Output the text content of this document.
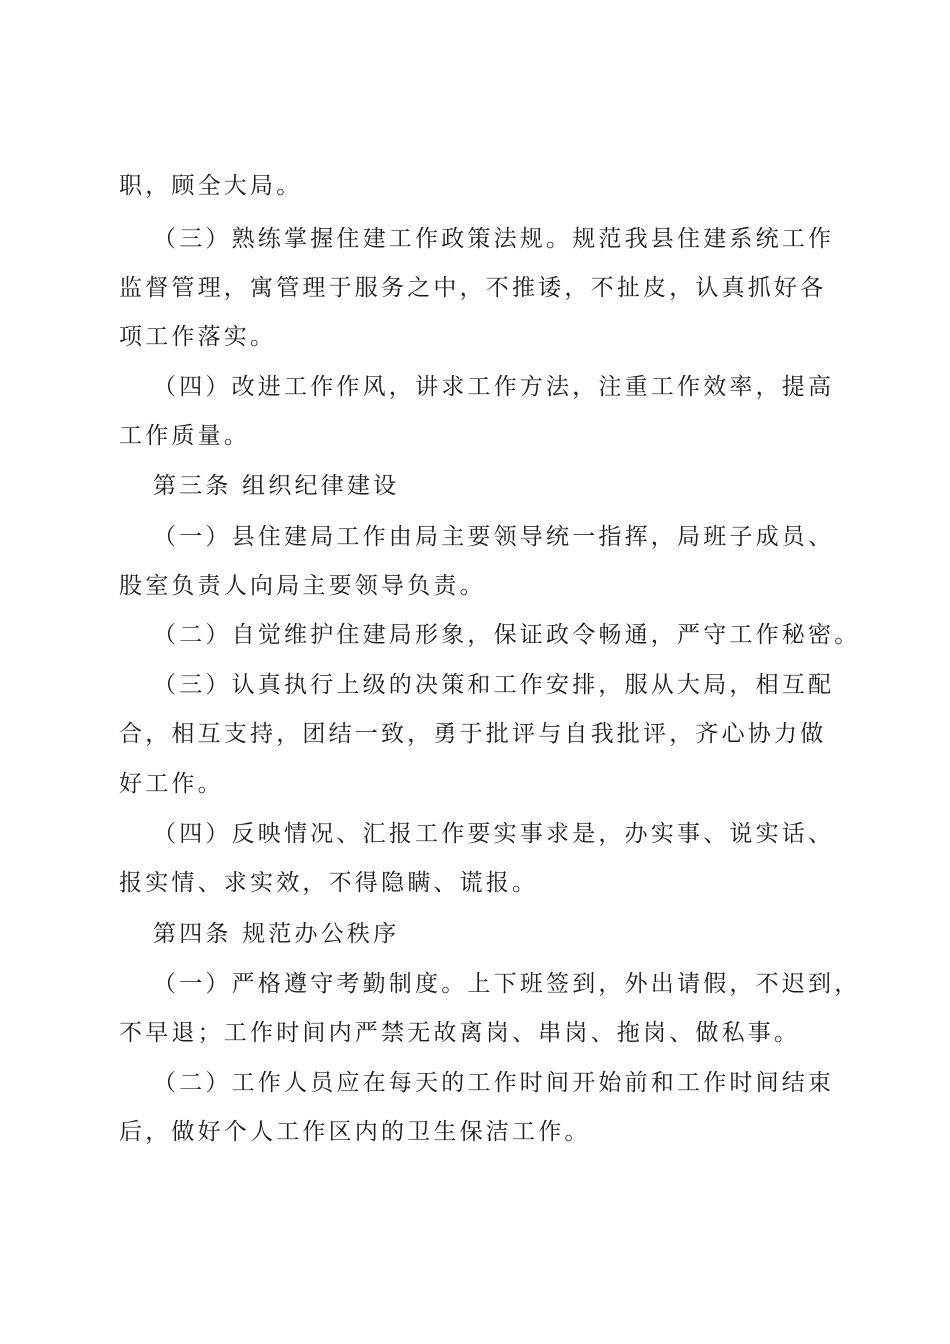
职，顾全大局。
（三）熟练掌握住建工作政策法规。规范我县住建系统工作
监督管理，寓管理于服务之中，不推诿，不扯皮，认真抓好各
项工作落实。
（四）改进工作作风，讲求工作方法，注重工作效率，提高
工作质量。
第三条 组织纪律建设
（一）县住建局工作由局主要领导统一指挥，局班子成员、
股室负责人向局主要领导负责。
（二）自觉维护住建局形象，保证政令畅通，严守工作秘密。
（三）认真执行上级的决策和工作安排，服从大局，相互配
合，相互支持，团结一致，勇于批评与自我批评，齐心协力做
好工作。
（四）反映情况、汇报工作要实事求是，办实事、说实话、
报实情、求实效，不得隐瞒、谎报。
第四条 规范办公秩序
（一）严格遵守考勤制度。上下班签到，外出请假，不迟到，
不早退；工作时间内严禁无故离岗、串岗、拖岗、做私事。
（二）工作人员应在每天的工作时间开始前和工作时间结束
后，做好个人工作区内的卫生保洁工作。
